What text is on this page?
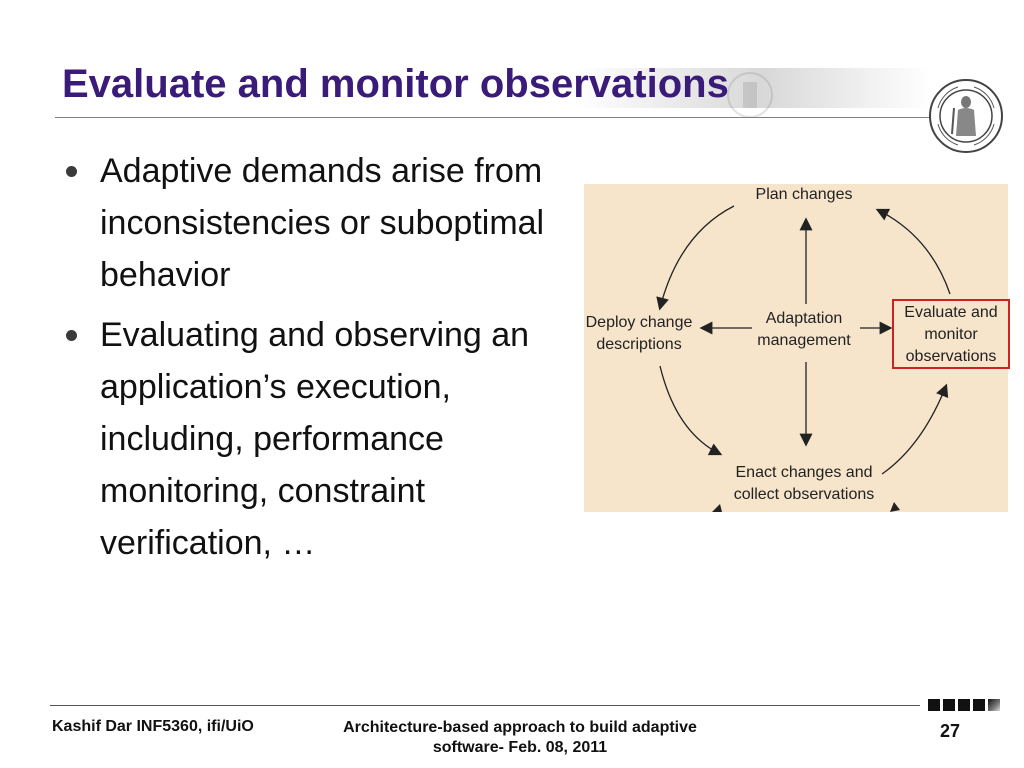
Evaluate and monitor observations
Adaptive demands arise from inconsistencies or suboptimal behavior
Evaluating and observing an application’s execution, including, performance monitoring, constraint verification, …
Plan changes
Deploy change
descriptions
Adaptation
management
Evaluate and
monitor
observations
Enact changes and
collect observations
Kashif Dar INF5360, ifi/UiO	Architecture-based approach to build adaptive
software- Feb. 08, 2011
27
